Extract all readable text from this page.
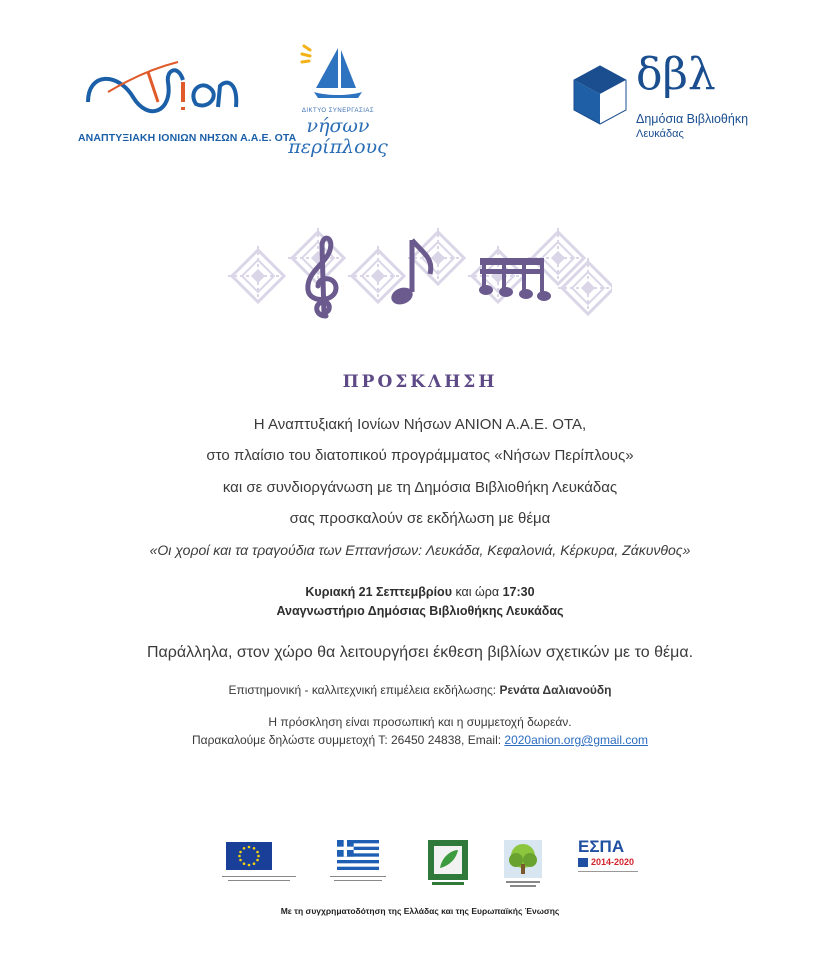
ΑΝΑΠΤΥΞΙΑΚΗ ΙΟΝΙΩΝ ΝΗΣΩΝ Α.Α.Ε. ΟΤΑ
ΔΙΚΤΥΟ ΣΥΝΕΡΓΑΣΙΑΣ
νήσων
περίπλους
δβλ
Δημόσια Βιβλιοθήκη
Λευκάδας
ΠΡΟΣΚΛΗΣΗ
Η Αναπτυξιακή Ιονίων Νήσων ΑΝΙΟΝ Α.Α.Ε. ΟΤΑ,
στο πλαίσιο του διατοπικού προγράμματος «Νήσων Περίπλους»
και σε συνδιοργάνωση με τη Δημόσια Βιβλιοθήκη Λευκάδας
σας προσκαλούν σε εκδήλωση με θέμα
«Οι χοροί και τα τραγούδια των Επτανήσων: Λευκάδα, Κεφαλονιά, Κέρκυρα, Ζάκυνθος»
Κυριακή 21 Σεπτεμβρίου και ώρα 17:30
Αναγνωστήριο Δημόσιας Βιβλιοθήκης Λευκάδας
Παράλληλα, στον χώρο θα λειτουργήσει έκθεση βιβλίων σχετικών με το θέμα.
Επιστημονική - καλλιτεχνική επιμέλεια εκδήλωσης: Ρενάτα Δαλιανούδη
Η πρόσκληση είναι προσωπική και η συμμετοχή δωρεάν.
Παρακαλούμε δηλώστε συμμετοχή Τ: 26450 24838, Email: 2020anion.org@gmail.com
ΕΣΠΑ
2014-2020
Με τη συγχρηματοδότηση της Ελλάδας και της Ευρωπαϊκής Ένωσης
